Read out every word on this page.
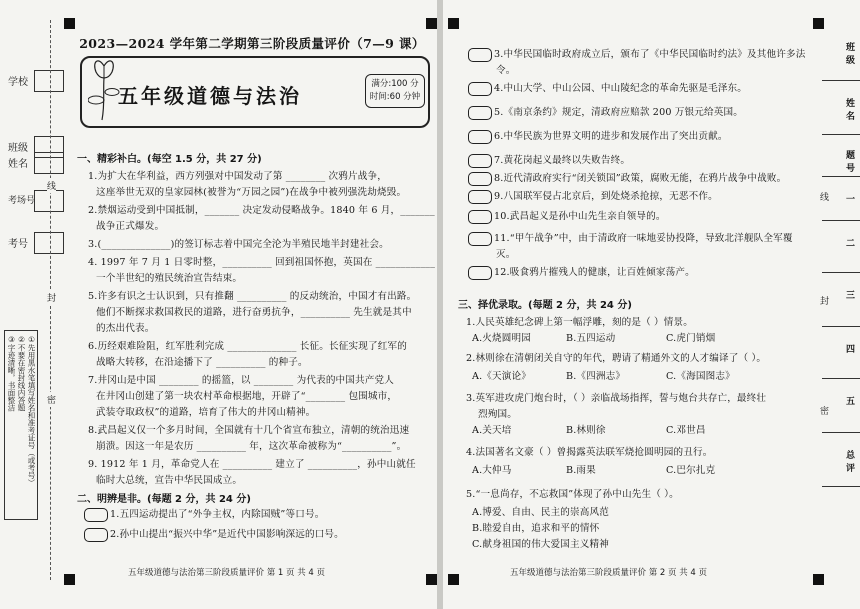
学校
班级
姓名
考场号
考号
①先用黑水笔填写姓名和准考证号（或考号）
②不要在密封线内答题
③字迹清晰，书面整洁
线
封
密
2023—2024 学年第二学期第三阶段质量评价（7—9 课）
五年级道德与法治	满分:100 分
时间:60 分钟
一、精彩补白。(每空 1.5 分，共 27 分)
1.为扩大在华利益，西方列强对中国发动了第 ________ 次鸦片战争，
这座举世无双的皇家园林(被誉为“万园之园”)在战争中被列强洗劫烧毁。
2.禁烟运动受到中国抵制，_______ 决定发动侵略战争。1840 年 6 月，_______
战争正式爆发。
3.(______________)的签订标志着中国完全沦为半殖民地半封建社会。
4. 1997 年 7 月 1 日零时整，__________ 回到祖国怀抱，英国在 ____________
一个半世纪的殖民统治宣告结束。
5.许多有识之士认识到，只有推翻 __________ 的反动统治，中国才有出路。
他们不断探求救国救民的道路，进行奋勇抗争，__________ 先生就是其中
的杰出代表。
6.历经艰难险阻，红军胜利完成 ______________ 长征。长征实现了红军的
战略大转移，在沿途播下了 __________ 的种子。
7.井冈山是中国 ________ 的摇篮，以 ________ 为代表的中国共产党人
在井冈山创建了第一块农村革命根据地，开辟了“________ 包围城市，
武装夺取政权”的道路，培育了伟大的井冈山精神。
8.武昌起义仅一个多月时间，全国就有十几个省宣布独立，清朝的统治迅速
崩溃。因这一年是农历 __________ 年，这次革命被称为“__________”。
9. 1912 年 1 月，革命党人在 __________ 建立了 __________，孙中山就任
临时大总统，宣告中华民国成立。
二、明辨是非。(每题 2 分，共 24 分)
1.五四运动提出了“外争主权，内除国贼”等口号。
2.孙中山提出“振兴中华”是近代中国影响深远的口号。
五年级道德与法治第三阶段质量评价 第 1 页 共 4 页
3.中华民国临时政府成立后，颁布了《中华民国临时约法》及其他许多法
令。
4.中山大学、中山公园、中山陵纪念的革命先驱是毛泽东。
5.《南京条约》规定，清政府应赔款 200 万银元给英国。
6.中华民族为世界文明的进步和发展作出了突出贡献。
7.黄花岗起义最终以失败告终。
8.近代清政府实行“闭关锁国”政策，腐败无能，在鸦片战争中战败。
9.八国联军侵占北京后，到处烧杀抢掠，无恶不作。
10.武昌起义是孙中山先生亲自领导的。
11.“甲午战争”中，由于清政府一味地妥协投降，导致北洋舰队全军覆
灭。
12.吸食鸦片摧残人的健康，让百姓倾家荡产。
三、择优录取。(每题 2 分，共 24 分)
1.人民英雄纪念碑上第一幅浮雕，刻的是（ ）情景。
A.火烧圆明园	B.五四运动	C.虎门销烟
2.林则徐在清朝闭关自守的年代，聘请了精通外文的人才编译了（ ）。
A.《天演论》	B.《四洲志》	C.《海国图志》
3.英军进攻虎门炮台时，（ ）亲临战场指挥，誓与炮台共存亡，最终壮
烈殉国。
A.关天培	B.林则徐	C.邓世昌
4.法国著名文豪（ ）曾揭露英法联军烧抢圆明园的丑行。
A.大仲马	B.雨果	C.巴尔扎克
5.“一息尚存，不忘救国”体现了孙中山先生（ ）。
A.博爱、自由、民主的崇高风范
B.睦爱自由，追求和平的情怀
C.献身祖国的伟大爱国主义精神
五年级道德与法治第三阶段质量评价 第 2 页 共 4 页
班级
姓名
题号
一
二
三
四
五
总评
线
封
密
